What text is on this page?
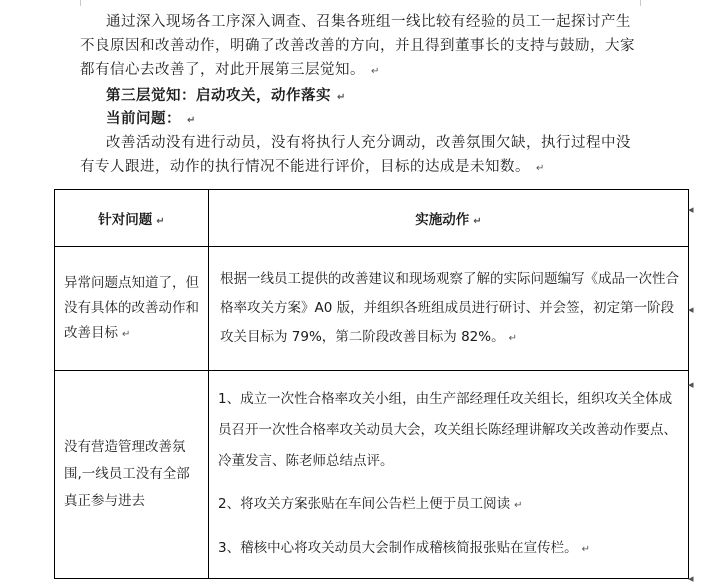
通过深入现场各工序深入调查、召集各班组一线比较有经验的员工一起探讨产生不良原因和改善动作，明确了改善改善的方向，并且得到董事长的支持与鼓励，大家都有信心去改善了，对此开展第三层觉知。 ↵

第三层觉知：启动攻关，动作落实 ↵
当前问题： ↵

改善活动没有进行动员，没有将执行人充分调动，改善氛围欠缺，执行过程中没有专人跟进，动作的执行情况不能进行评价，目标的达成是未知数。 ↵

针对问题 ↵	实施动作 ↵

异常问题点知道了，但没有具体的改善动作和改善目标 ↵	根据一线员工提供的改善建议和现场观察了解的实际问题编写《成品一次性合格率攻关方案》A0 版，并组织各班组成员进行研讨、并会签，初定第一阶段攻关目标为 79%，第二阶段改善目标为 82%。 ↵

没有营造管理改善氛围,一线员工没有全部真正参与进去	1、成立一次性合格率攻关小组，由生产部经理任攻关组长，组织攻关全体成员召开一次性合格率攻关动员大会，攻关组长陈经理讲解攻关改善动作要点、冷董发言、陈老师总结点评。
2、将攻关方案张贴在车间公告栏上便于员工阅读 ↵
3、稽核中心将攻关动员大会制作成稽核简报张贴在宣传栏。 ↵
◂
◂
◂
◂
